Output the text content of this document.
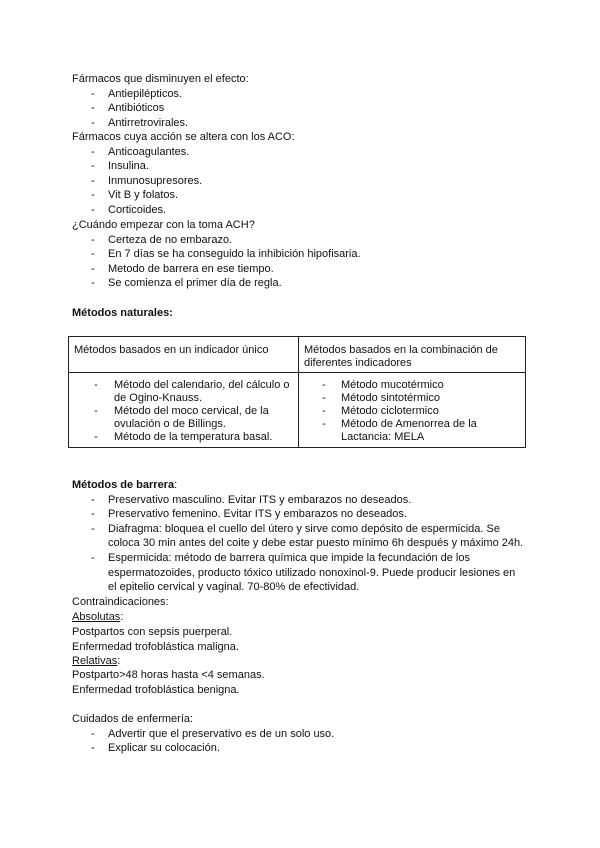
Fármacos que disminuyen el efecto:
- Antiepilépticos.
- Antibióticos
- Antirretrovirales.
Fármacos cuya acción se altera con los ACO:
- Anticoagulantes.
- Insulina.
- Inmunosupresores.
- Vit B y folatos.
- Corticoides.
¿Cuándo empezar con la toma ACH?
- Certeza de no embarazo.
- En 7 días se ha conseguido la inhibición hipofisaria.
- Metodo de barrera en ese tiempo.
- Se comienza el primer día de regla.
Métodos naturales:
Métodos basados en un indicador único	Métodos basados en la combinación de
diferentes indicadores
- Método del calendario, del cálculo o
de Ogino-Knauss.
- Método del moco cervical, de la
ovulación o de Billings.
- Método de la temperatura basal.
- Método mucotérmico
- Método sintotérmico
- Método ciclotermico
- Método de Amenorrea de la
Lactancia: MELA
Métodos de barrera:
- Preservativo masculino. Evitar ITS y embarazos no deseados.
- Preservativo femenino. Evitar ITS y embarazos no deseados.
- Diafragma: bloquea el cuello del útero y sirve como depósito de espermicida. Se
coloca 30 min antes del coite y debe estar puesto mínimo 6h después y máximo 24h.
- Espermicida: método de barrera química que impide la fecundación de los
espermatozoides, producto tóxico utilizado nonoxinol-9. Puede producir lesiones en
el epitelio cervical y vaginal. 70-80% de efectividad.
Contraindicaciones:
Absolutas:
Postpartos con sepsis puerperal.
Enfermedad trofoblástica maligna.
Relativas:
Postparto>48 horas hasta <4 semanas.
Enfermedad trofoblástica benigna.
Cuidados de enfermería:
- Advertir que el preservativo es de un solo uso.
- Explicar su colocación.
